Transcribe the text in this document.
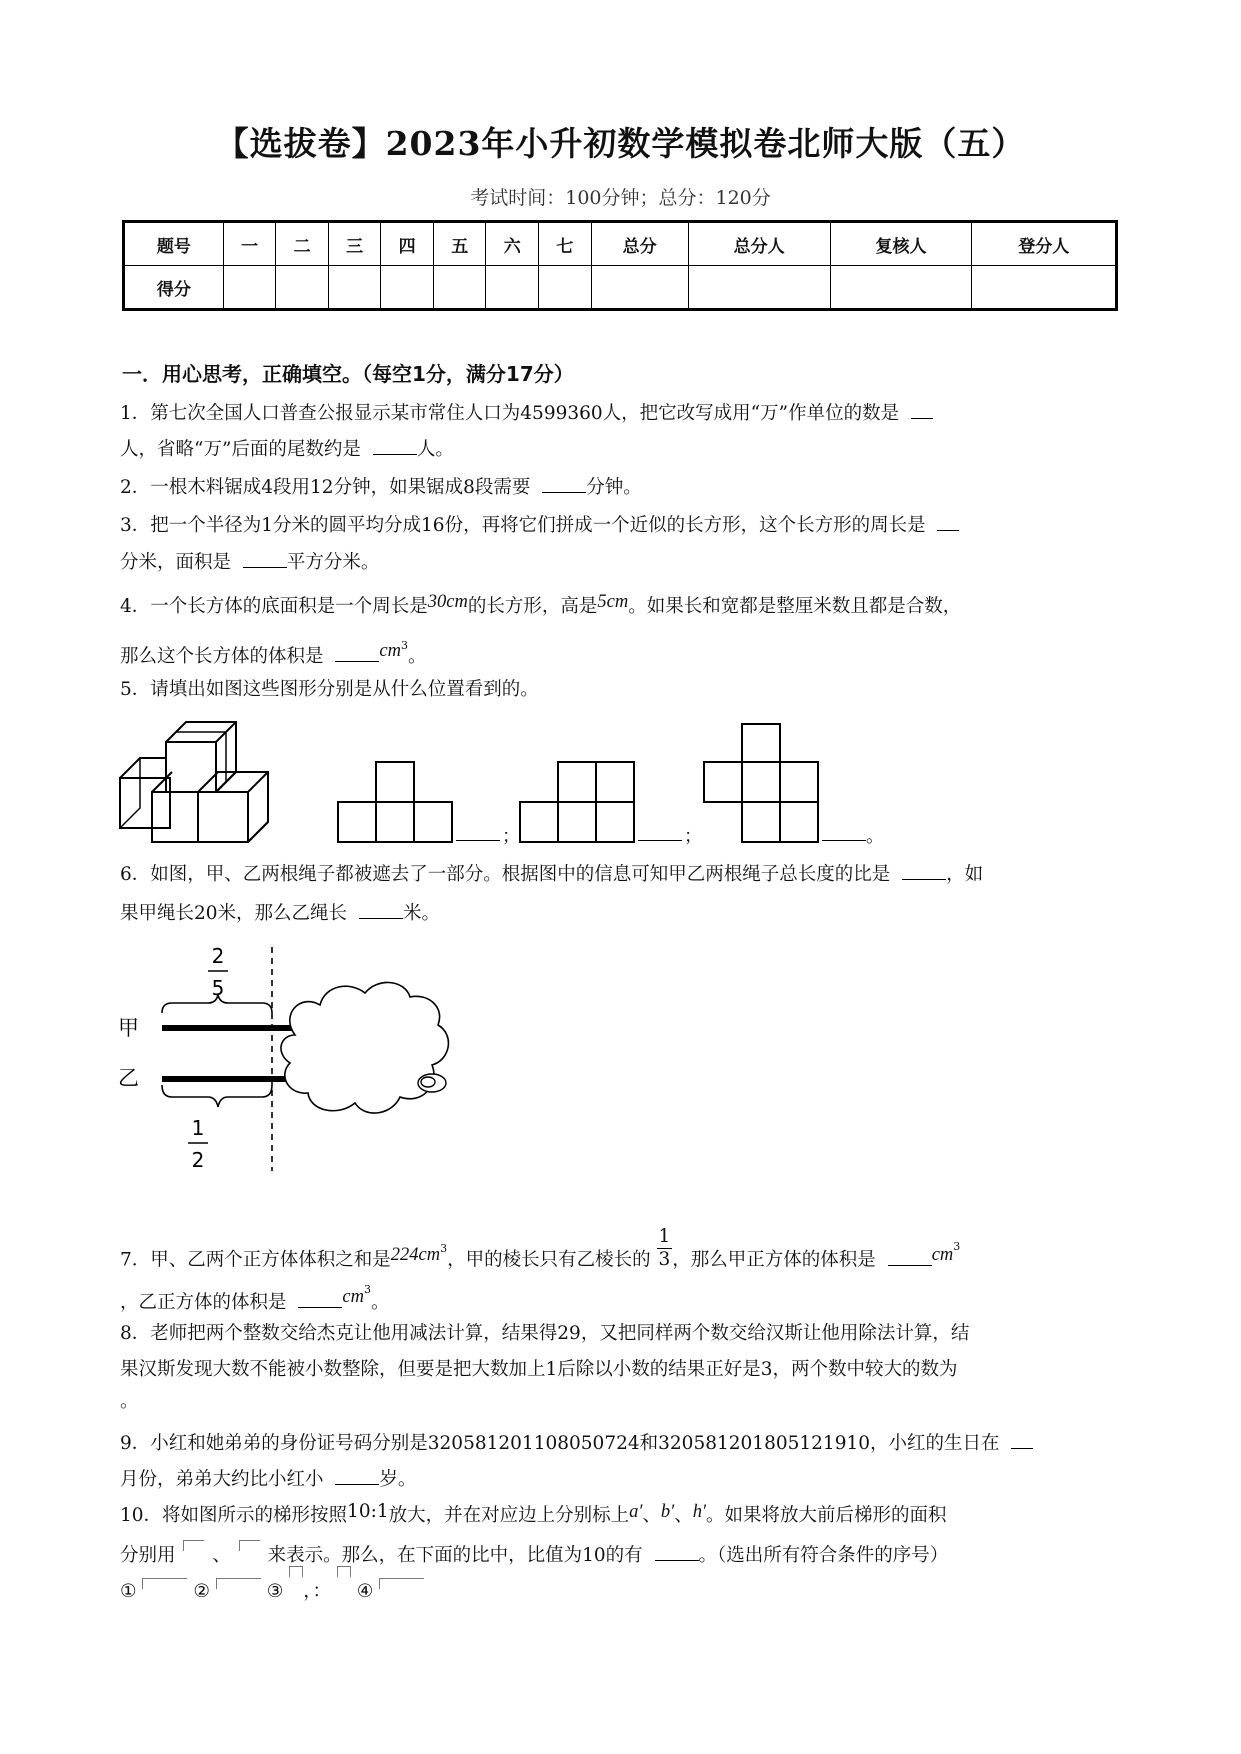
【选拔卷】2023年小升初数学模拟卷北师大版（五）
考试时间：100分钟；总分：120分
题号	一	二	三	四	五	六	七	总分	总分人	复核人	登分人
得分											
一．用心思考，正确填空。（每空1分，满分17分）
1．第七次全国人口普查公报显示某市常住人口为4599360人，把它改写成用“万”作单位的数是
人，省略“万”后面的尾数约是	人。
2．一根木料锯成4段用12分钟，如果锯成8段需要	分钟。
3．把一个半径为1分米的圆平均分成16份，再将它们拼成一个近似的长方形，这个长方形的周长是
分米，面积是	平方分米。
4．一个长方体的底面积是一个周长是30cm的长方形，高是5cm。如果长和宽都是整厘米数且都是合数，
那么这个长方体的体积是	$cm^3$。
5．请填出如图这些图形分别是从什么位置看到的。
；	；	。
6．如图，甲、乙两根绳子都被遮去了一部分。根据图中的信息可知甲乙两根绳子总长度的比是	，如
果甲绳长20米，那么乙绳长	米。
2
5
甲
乙
1
2
7．甲、乙两个正方体体积之和是$224cm^3$，甲的棱长只有乙棱长的 $\frac{1}{3}$ ，那么甲正方体的体积是	$cm^3$
，乙正方体的体积是	$cm^3$。
8．老师把两个整数交给杰克让他用减法计算，结果得29，又把同样两个数交给汉斯让他用除法计算，结
果汉斯发现大数不能被小数整除，但要是把大数加上1后除以小数的结果正好是3，两个数中较大的数为
。
9．小红和她弟弟的身份证号码分别是320581201108050724和320581201805121910，小红的生日在
月份，弟弟大约比小红小	岁。
10．将如图所示的梯形按照10:1放大，并在对应边上分别标上a′、b′、h′。如果将放大前后梯形的面积
分别用 、 来表示。那么，在下面的比中，比值为10的有	。（选出所有符合条件的序号）
①	②	③ ，： ④
